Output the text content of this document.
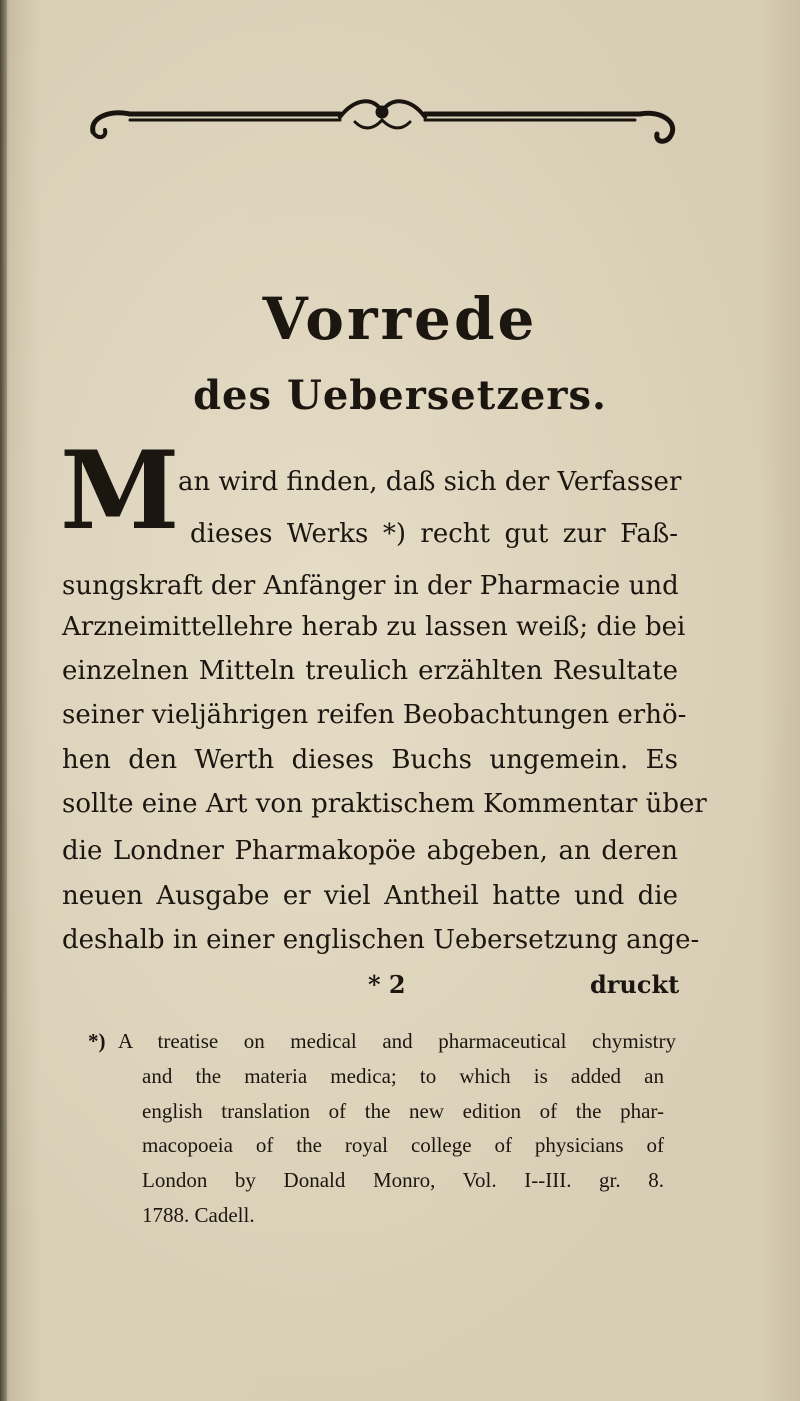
Vorrede
des Uebersetzers.
M
an wird finden, daß sich der Verfasser
dieses Werks *) recht gut zur Faß-
sungskraft der Anfänger in der Pharmacie und
Arzneimittellehre herab zu lassen weiß; die bei
einzelnen Mitteln treulich erzählten Resultate
seiner vieljährigen reifen Beobachtungen erhö-
hen den Werth dieses Buchs ungemein. Es
sollte eine Art von praktischem Kommentar über
die Londner Pharmakopöe abgeben, an deren
neuen Ausgabe er viel Antheil hatte und die
deshalb in einer englischen Uebersetzung ange-
* 2	druckt
*) A treatise on medical and pharmaceutical chymistry
and the materia medica; to which is added an
english translation of the new edition of the phar-
macopoeia of the royal college of physicians of
London by Donald Monro, Vol. I--III. gr. 8.
1788. Cadell.
